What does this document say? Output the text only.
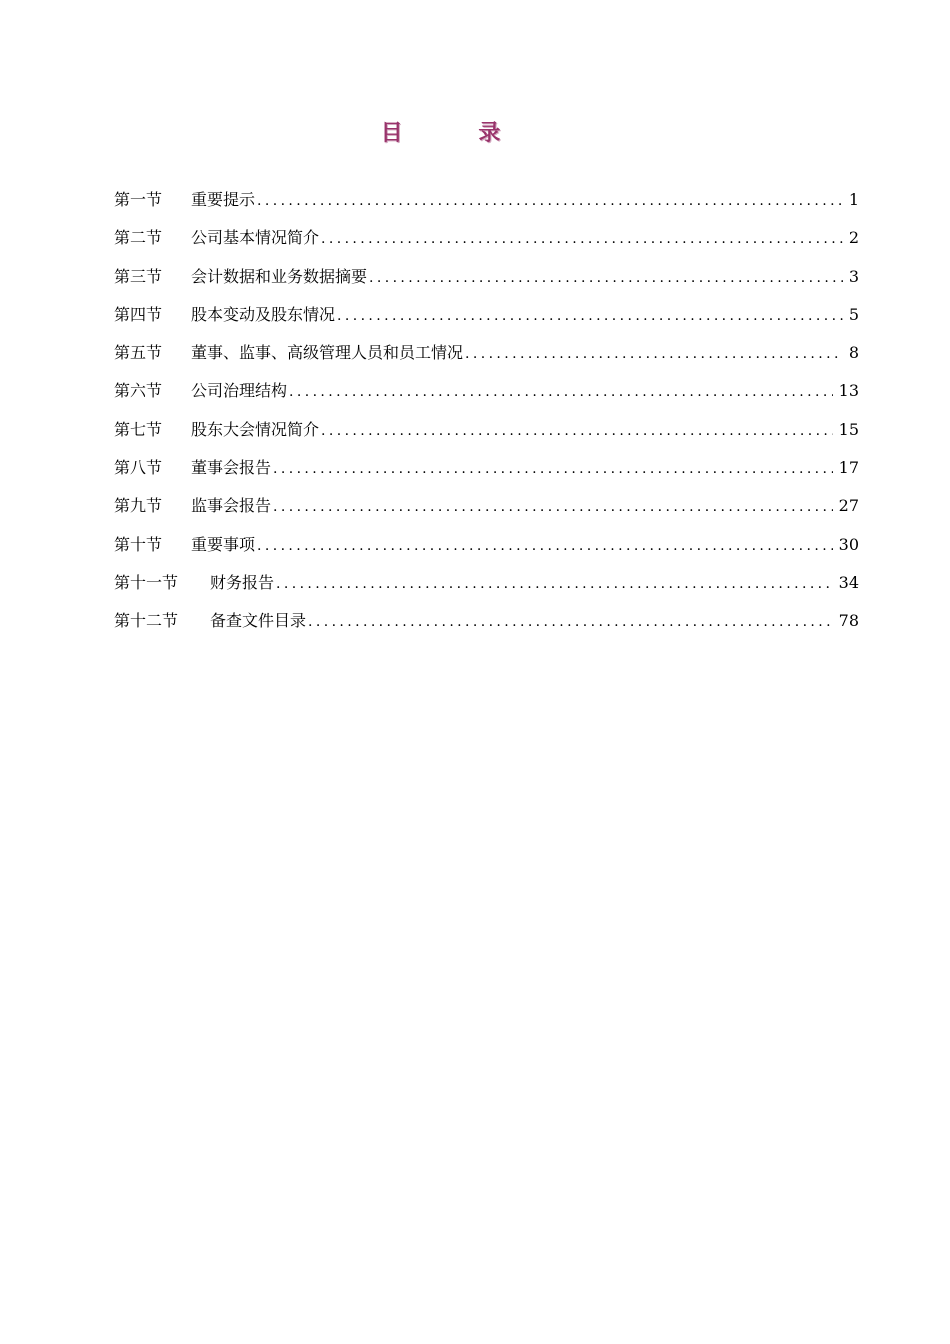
目 录
第一节	重要提示 .....	1
第二节	公司基本情况简介 .....	2
第三节	会计数据和业务数据摘要 .....	3
第四节	股本变动及股东情况 .....	5
第五节	董事、监事、高级管理人员和员工情况 .....	8
第六节	公司治理结构 .....	13
第七节	股东大会情况简介 .....	15
第八节	董事会报告 .....	17
第九节	监事会报告 .....	27
第十节	重要事项 .....	30
第十一节	财务报告 .....	34
第十二节	备查文件目录 .....	78
